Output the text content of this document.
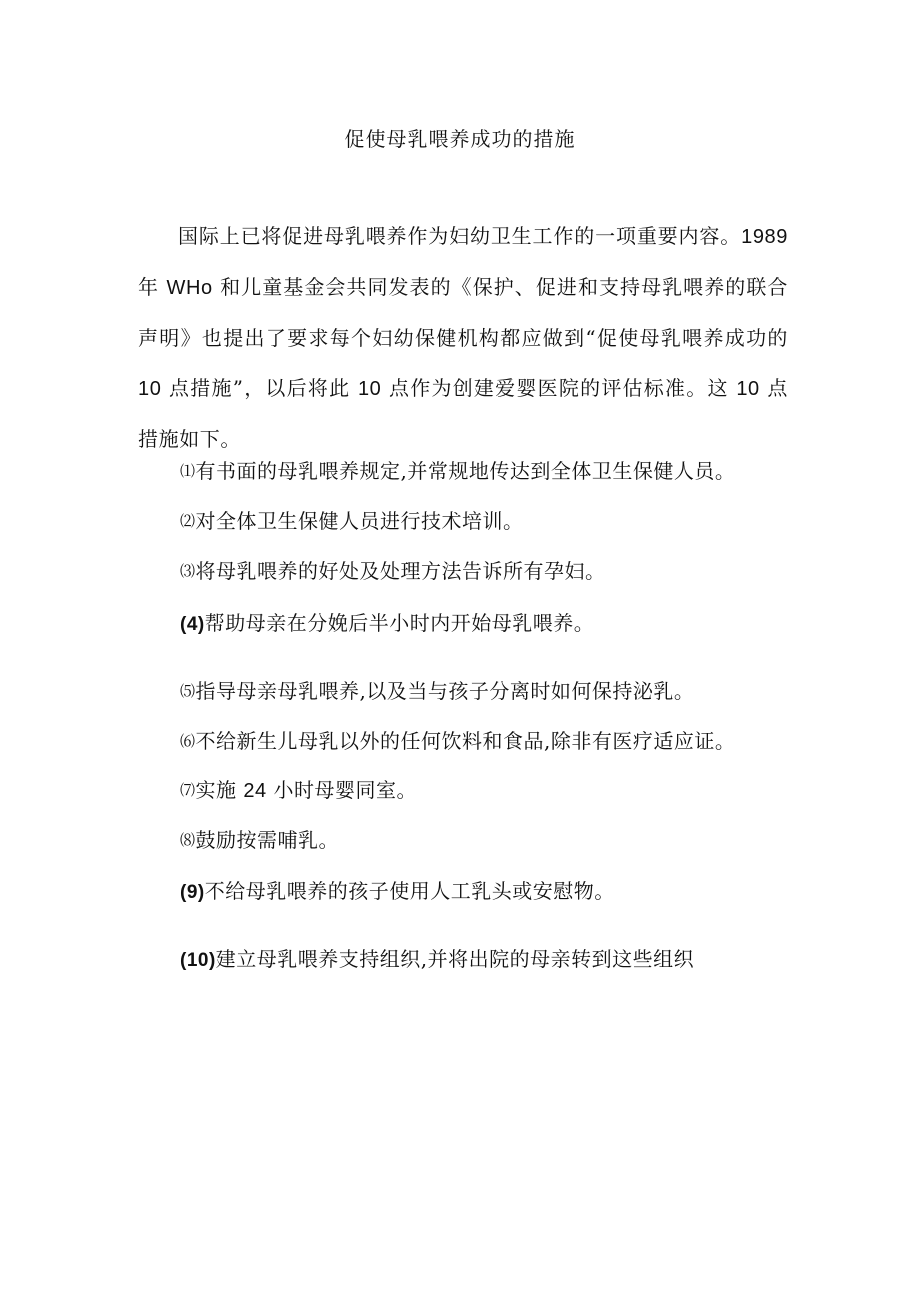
促使母乳喂养成功的措施
国际上已将促进母乳喂养作为妇幼卫生工作的一项重要内容。1989 年 WHo 和儿童基金会共同发表的《保护、促进和支持母乳喂养的联合声明》也提出了要求每个妇幼保健机构都应做到“促使母乳喂养成功的 10 点措施”，以后将此 10 点作为创建爱婴医院的评估标准。这 10 点措施如下。
⑴有书面的母乳喂养规定,并常规地传达到全体卫生保健人员。
⑵对全体卫生保健人员进行技术培训。
⑶将母乳喂养的好处及处理方法告诉所有孕妇。
(4)帮助母亲在分娩后半小时内开始母乳喂养。
⑸指导母亲母乳喂养,以及当与孩子分离时如何保持泌乳。
⑹不给新生儿母乳以外的任何饮料和食品,除非有医疗适应证。
⑺实施 24 小时母婴同室。
⑻鼓励按需哺乳。
(9)不给母乳喂养的孩子使用人工乳头或安慰物。
(10)建立母乳喂养支持组织,并将出院的母亲转到这些组织
